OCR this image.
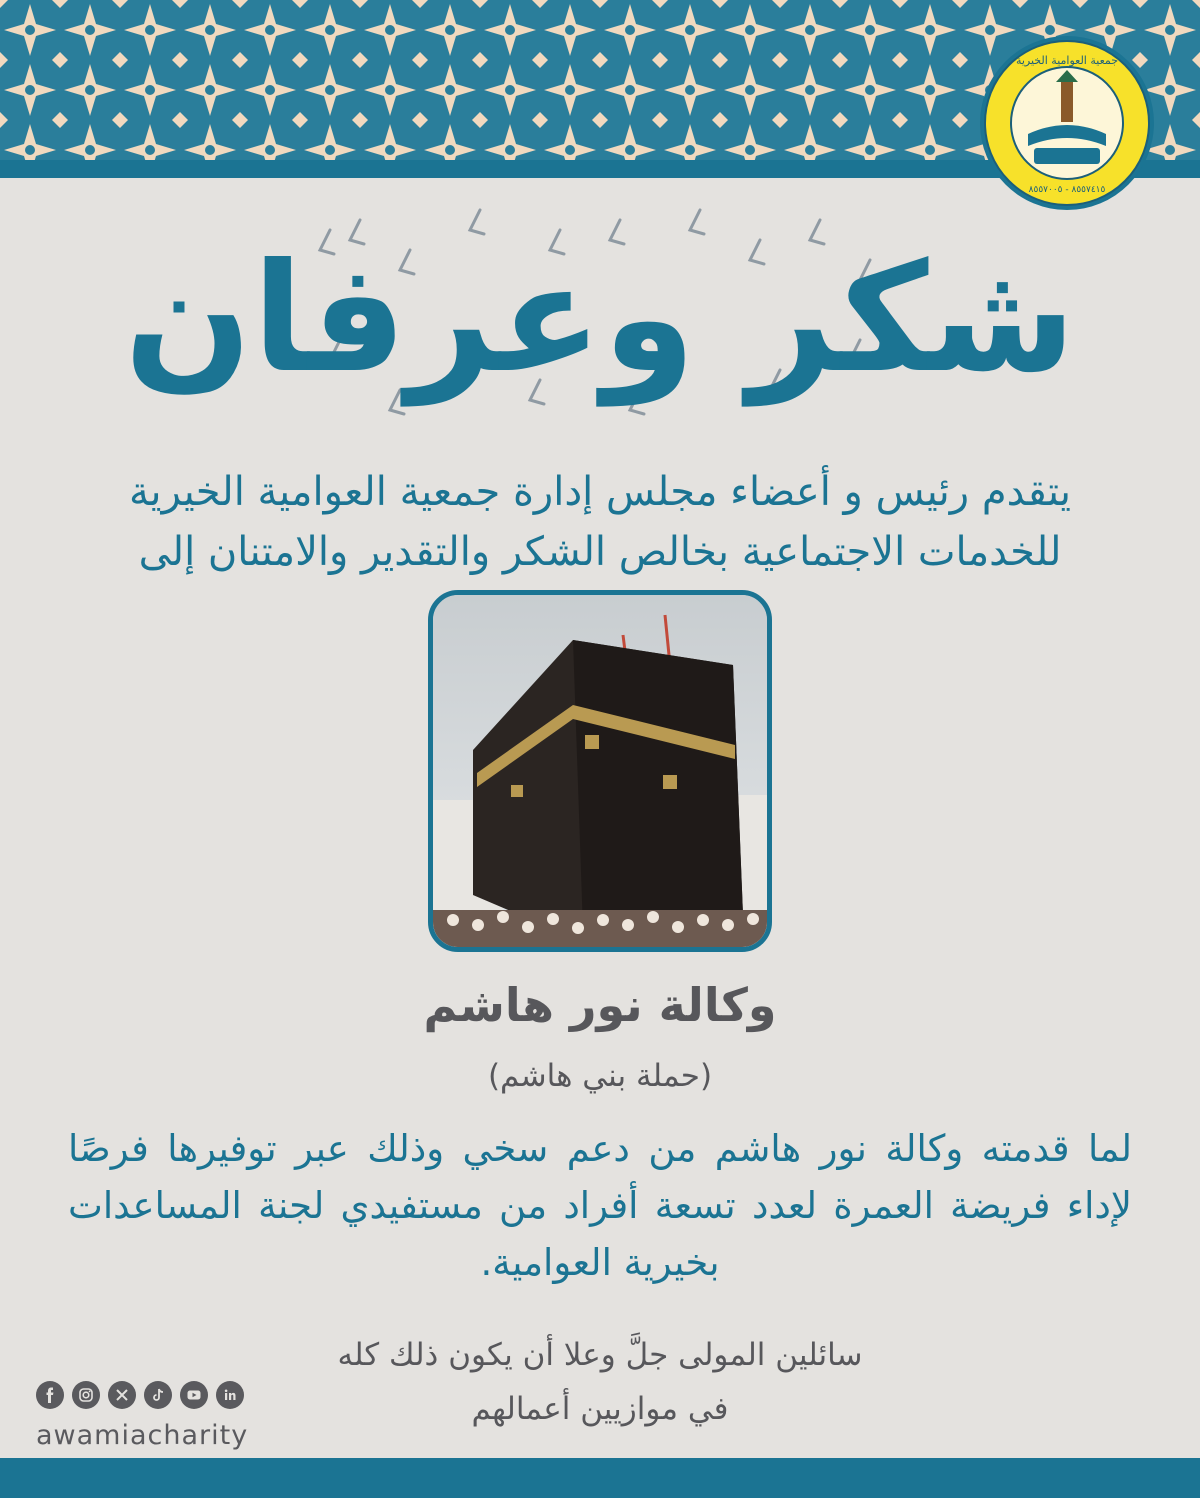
جمعية العوامية الخيرية
٨٥٥٧٤١٥ - ٨٥٥٧٠٠٥
شكر وعرفان
يتقدم رئيس و أعضاء مجلس إدارة جمعية العوامية الخيرية للخدمات الاجتماعية بخالص الشكر والتقدير والامتنان إلى
وكالة نور هاشم
(حملة بني هاشم)
لما قدمته وكالة نور هاشم من دعم سخي وذلك عبر توفيرها فرصًا لإداء فريضة العمرة لعدد تسعة أفراد من مستفيدي لجنة المساعدات بخيرية العوامية.
سائلين المولى جلَّ وعلا أن يكون ذلك كله
في موازيين أعمالهم
awamiacharity
